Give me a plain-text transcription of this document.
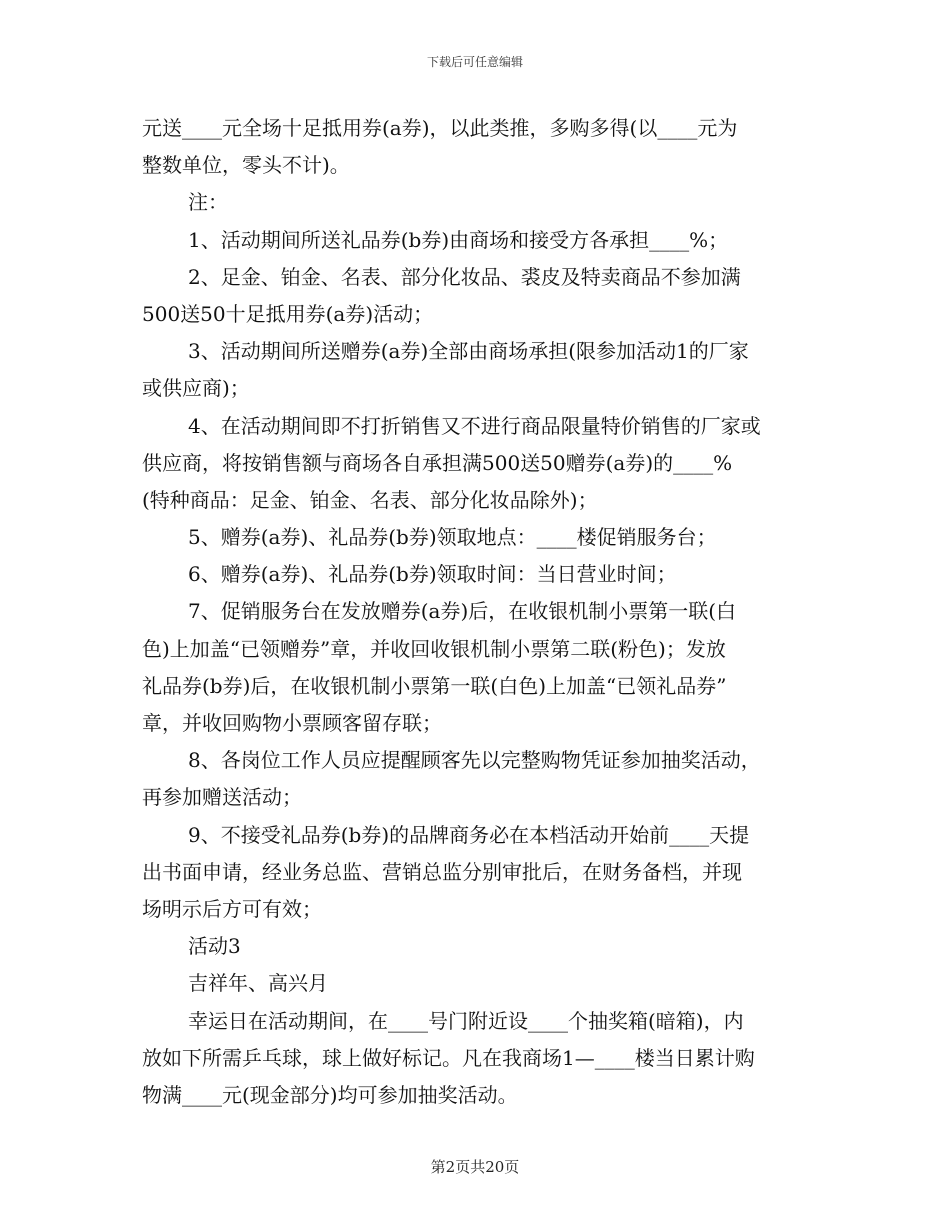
下载后可任意编辑
元送____元全场十足抵用券(a券)，以此类推，多购多得(以____元为
整数单位，零头不计)。
注：
1、活动期间所送礼品券(b券)由商场和接受方各承担____%；
2、足金、铂金、名表、部分化妆品、裘皮及特卖商品不参加满
500送50十足抵用券(a券)活动；
3、活动期间所送赠券(a券)全部由商场承担(限参加活动1的厂家
或供应商)；
4、在活动期间即不打折销售又不进行商品限量特价销售的厂家或
供应商，将按销售额与商场各自承担满500送50赠券(a券)的____%
(特种商品：足金、铂金、名表、部分化妆品除外)；
5、赠券(a券)、礼品券(b券)领取地点：____楼促销服务台；
6、赠券(a券)、礼品券(b券)领取时间：当日营业时间；
7、促销服务台在发放赠券(a券)后，在收银机制小票第一联(白
色)上加盖“已领赠券”章，并收回收银机制小票第二联(粉色)；发放
礼品券(b券)后，在收银机制小票第一联(白色)上加盖“已领礼品券”
章，并收回购物小票顾客留存联；
8、各岗位工作人员应提醒顾客先以完整购物凭证参加抽奖活动，
再参加赠送活动；
9、不接受礼品券(b券)的品牌商务必在本档活动开始前____天提
出书面申请，经业务总监、营销总监分别审批后，在财务备档，并现
场明示后方可有效；
活动3
吉祥年、高兴月
幸运日在活动期间，在____号门附近设____个抽奖箱(暗箱)，内
放如下所需乒乓球，球上做好标记。凡在我商场1—____楼当日累计购
物满____元(现金部分)均可参加抽奖活动。
第2页共20页
